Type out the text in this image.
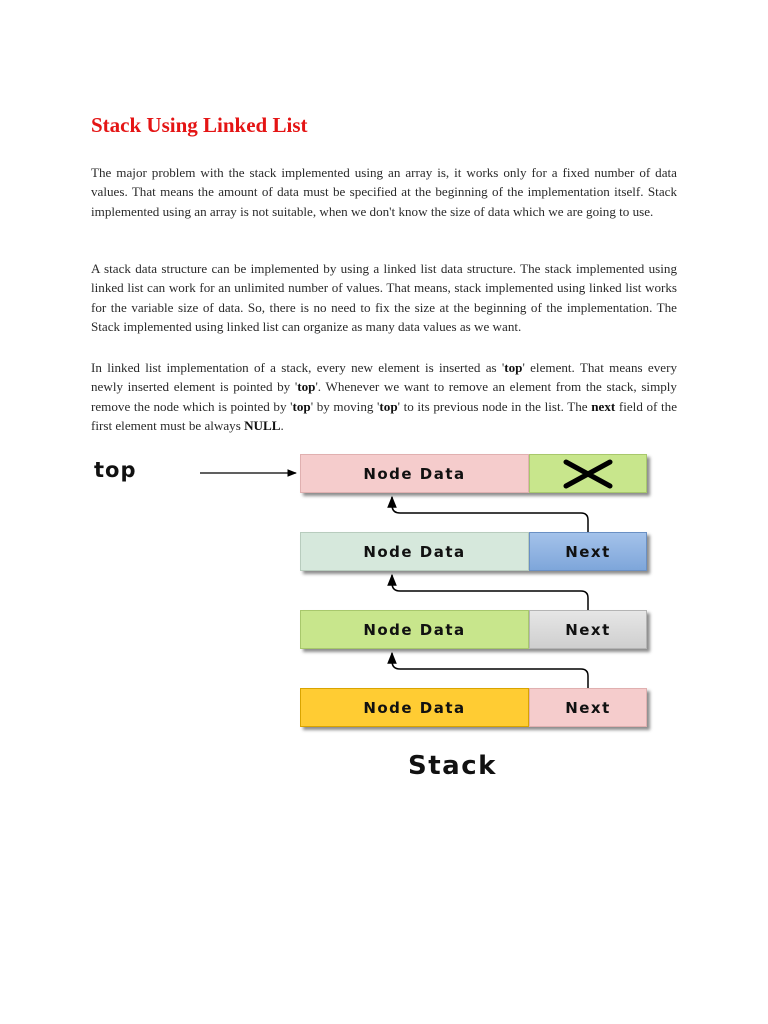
Stack Using Linked List

The major problem with the stack implemented using an array is, it works only for a fixed number of data values. That means the amount of data must be specified at the beginning of the implementation itself. Stack implemented using an array is not suitable, when we don't know the size of data which we are going to use.

A stack data structure can be implemented by using a linked list data structure. The stack implemented using linked list can work for an unlimited number of values. That means, stack implemented using linked list works for the variable size of data. So, there is no need to fix the size at the beginning of the implementation. The Stack implemented using linked list can organize as many data values as we want.

In linked list implementation of a stack, every new element is inserted as 'top' element. That means every newly inserted element is pointed by 'top'. Whenever we want to remove an element from the stack, simply remove the node which is pointed by 'top' by moving 'top' to its previous node in the list. The next field of the first element must be always NULL.

top	Node Data
Node Data	Next
Node Data	Next
Node Data	Next
Stack
